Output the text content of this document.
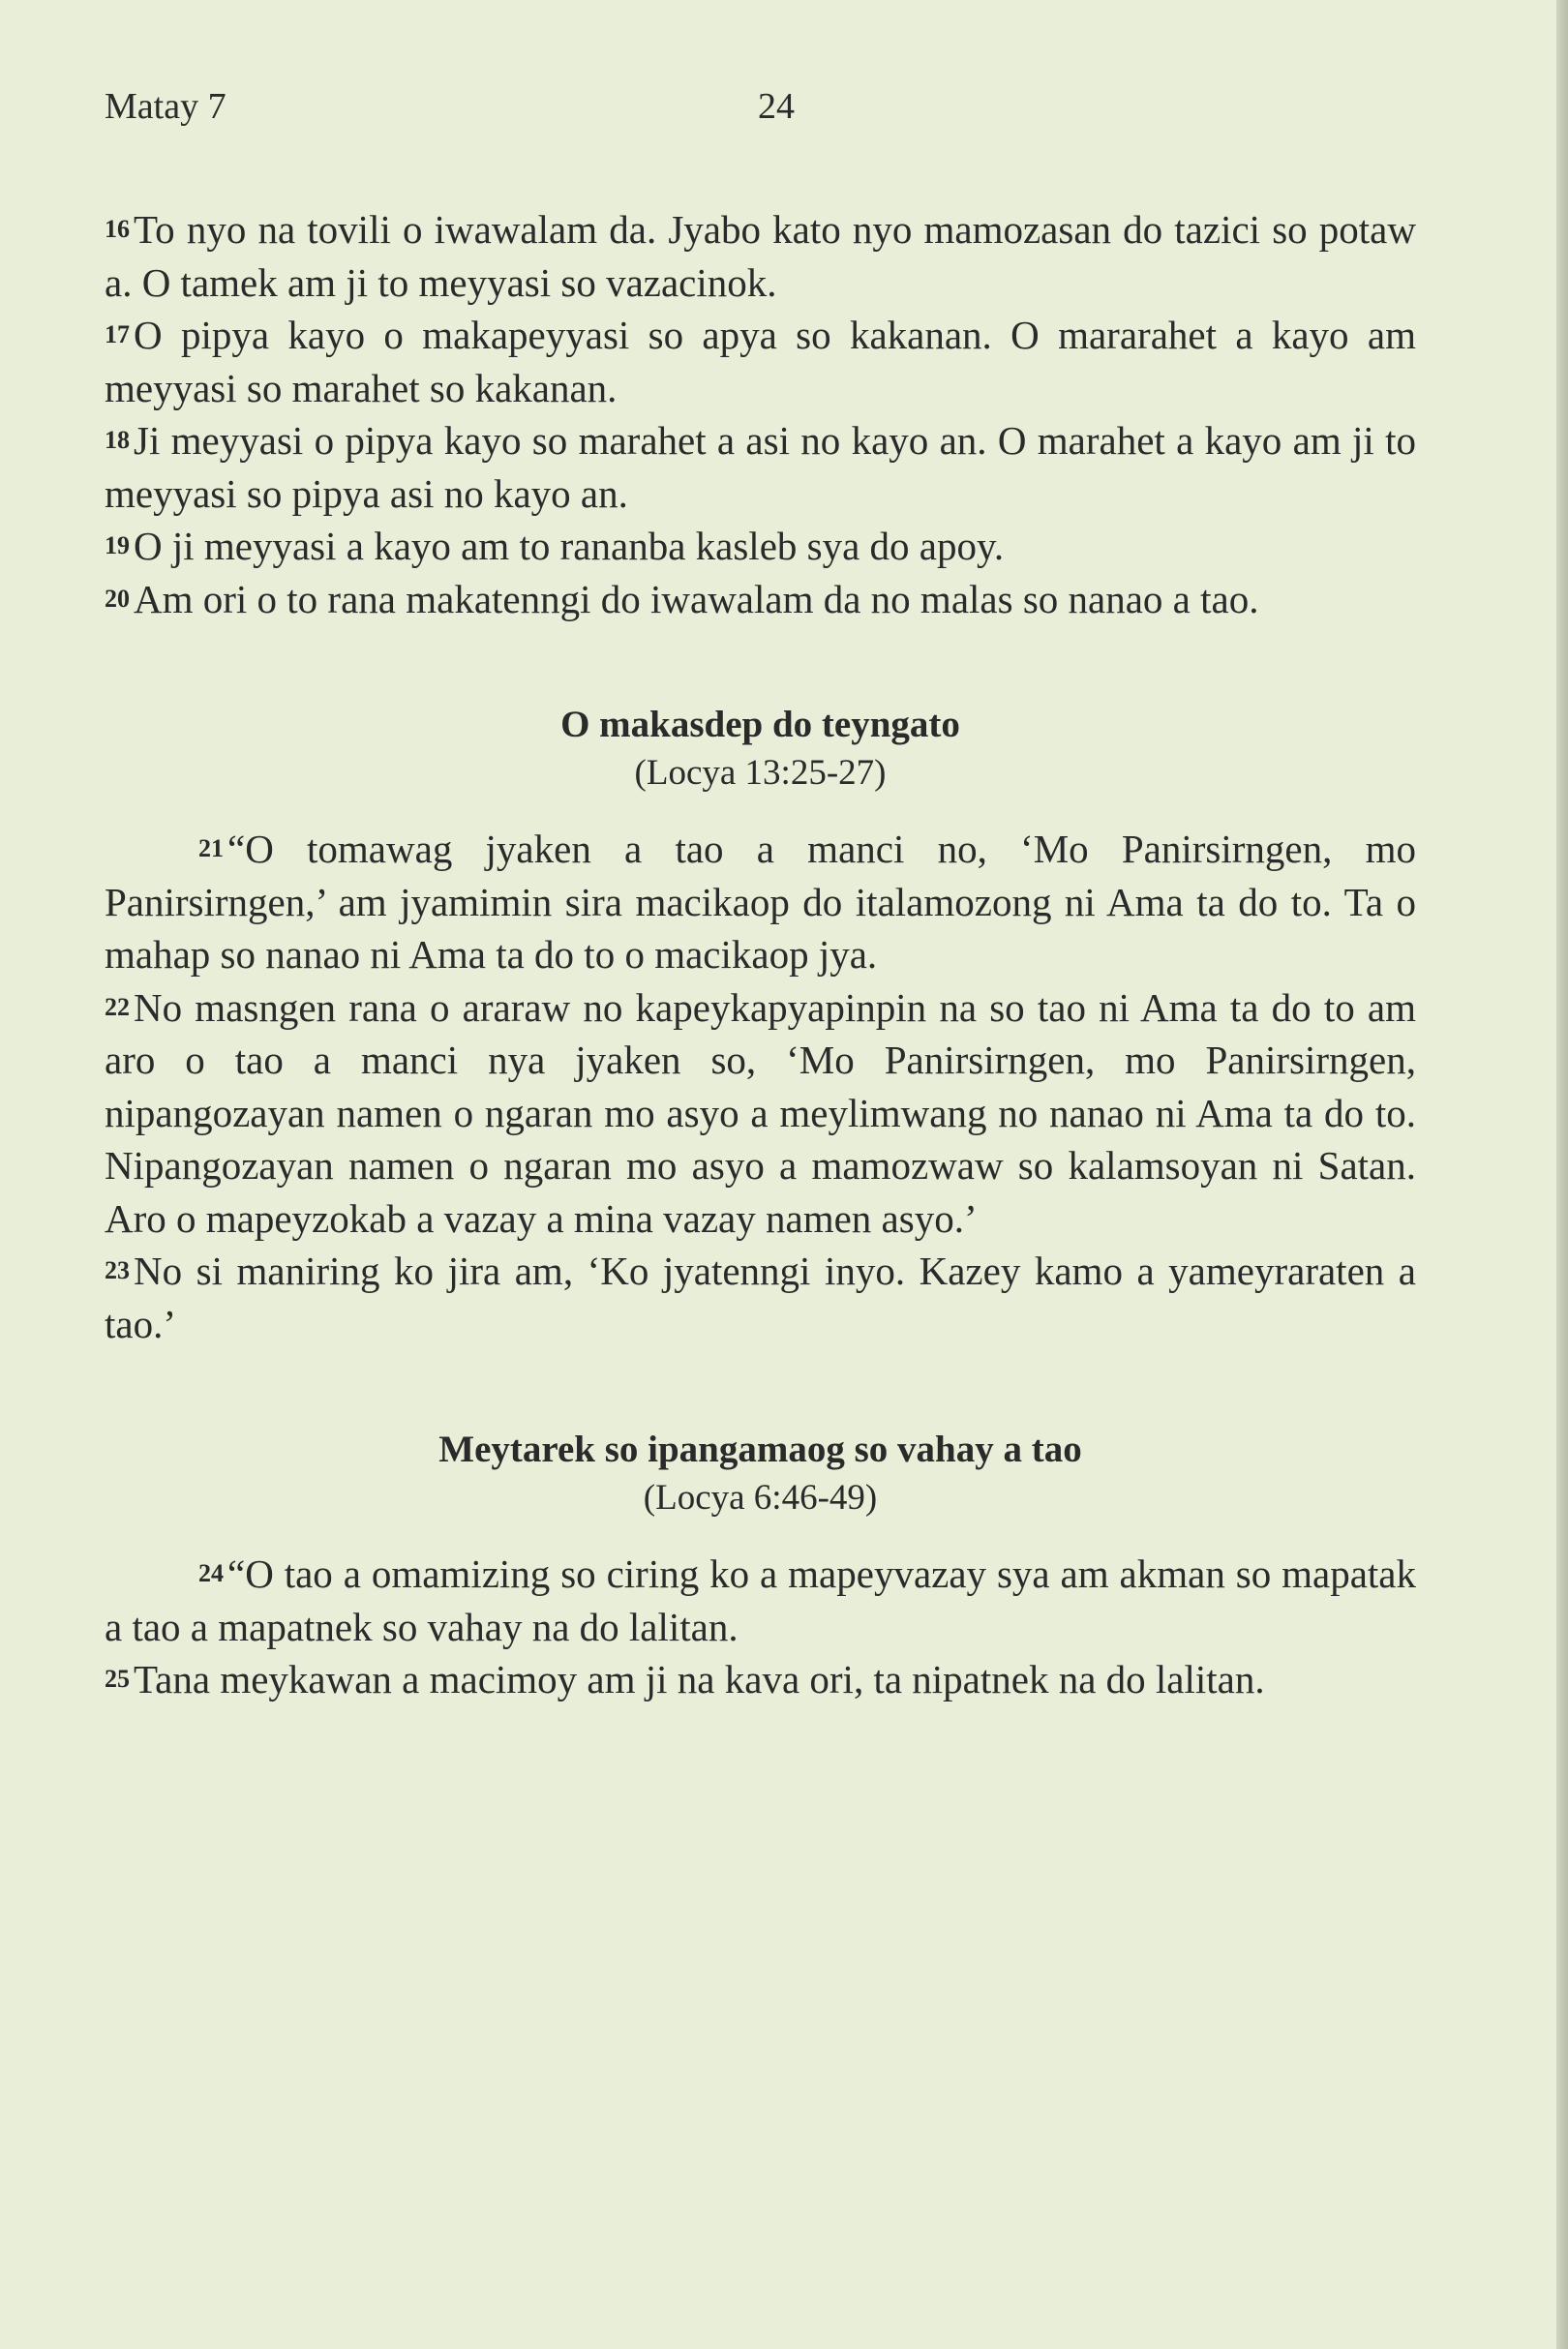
Matay 7	24

16To nyo na tovili o iwawalam da. Jyabo kato nyo mamozasan do tazici so potaw a. O tamek am ji to meyyasi so vazacinok.

17O pipya kayo o makapeyyasi so apya so kakanan. O mararahet a kayo am meyyasi so marahet so kakanan.

18Ji meyyasi o pipya kayo so marahet a asi no kayo an. O marahet a kayo am ji to meyyasi so pipya asi no kayo an.

19O ji meyyasi a kayo am to rananba kasleb sya do apoy.

20Am ori o to rana makatenngi do iwawalam da no malas so nanao a tao.

O makasdep do teyngato

(Locya 13:25-27)

21“O tomawag jyaken a tao a manci no, ‘Mo Panirsirngen, mo Panirsirngen,’ am jyamimin sira macikaop do italamozong ni Ama ta do to. Ta o mahap so nanao ni Ama ta do to o macikaop jya.

22No masngen rana o araraw no kapeykapyapinpin na so tao ni Ama ta do to am aro o tao a manci nya jyaken so, ‘Mo Panirsirngen, mo Panirsirngen, nipangozayan namen o ngaran mo asyo a meylimwang no nanao ni Ama ta do to. Nipangozayan namen o ngaran mo asyo a mamozwaw so kalamsoyan ni Satan. Aro o mapeyzokab a vazay a mina vazay namen asyo.’

23No si maniring ko jira am, ‘Ko jyatenngi inyo. Kazey kamo a yameyraraten a tao.’

Meytarek so ipangamaog so vahay a tao

(Locya 6:46-49)

24“O tao a omamizing so ciring ko a mapeyvazay sya am akman so mapatak a tao a mapatnek so vahay na do lalitan.

25Tana meykawan a macimoy am ji na kava ori, ta nipatnek na do lalitan.
